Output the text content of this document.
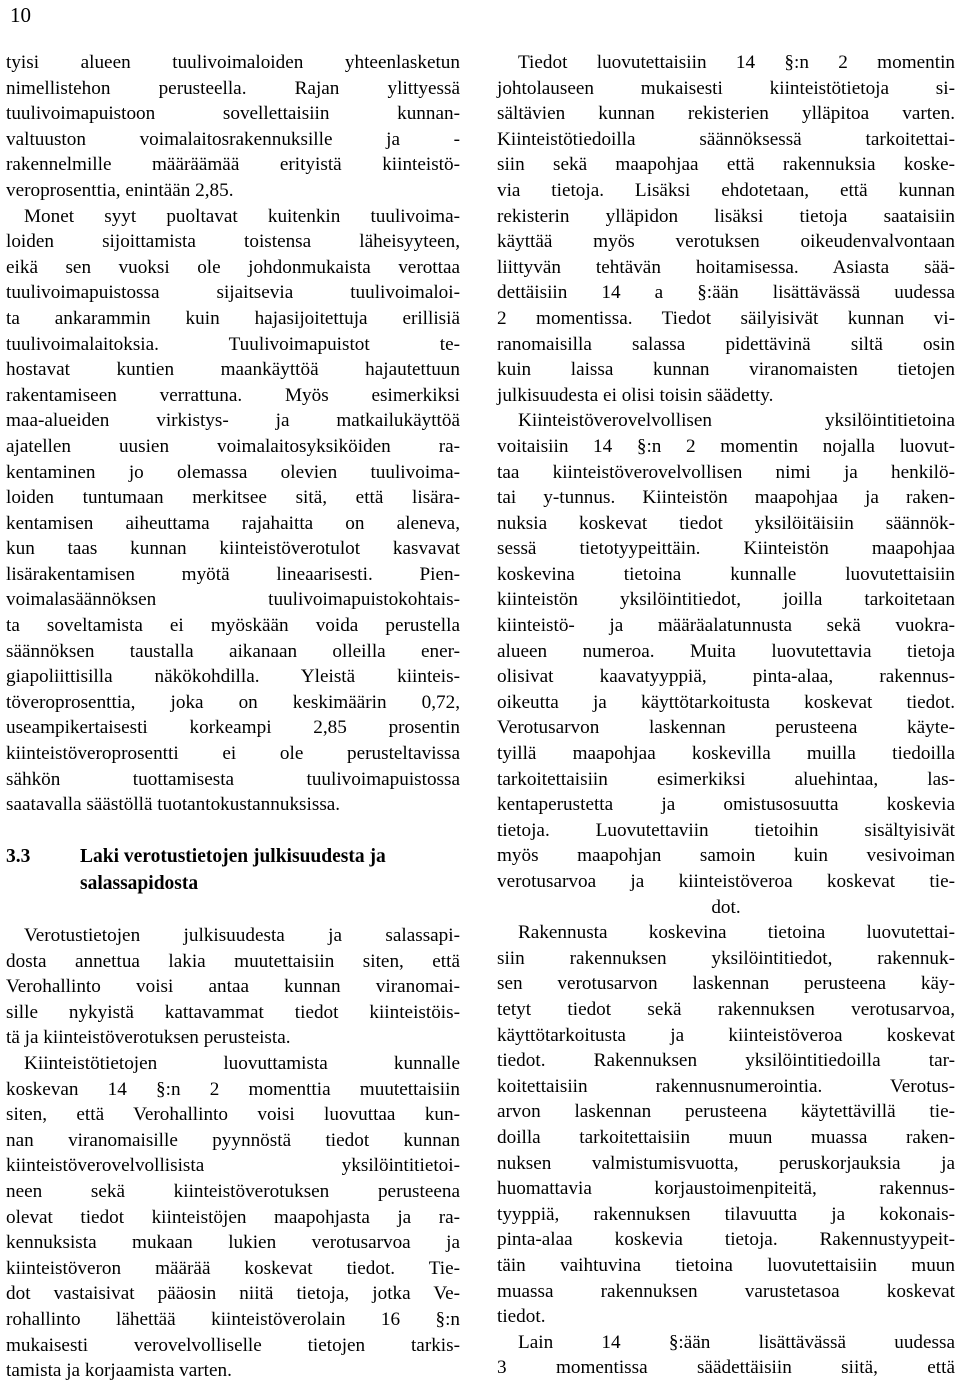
10
tyisi alueen tuulivoimaloiden yhteenlasketun
nimellistehon perusteella. Rajan ylittyessä
tuulivoimapuistoon sovellettaisiin kunnan-
valtuuston voimalaitosrakennuksille ja -
rakennelmille määräämää erityistä kiinteistö-
veroprosenttia, enintään 2,85.
Monet syyt puoltavat kuitenkin tuulivoima-
loiden sijoittamista toistensa läheisyyteen,
eikä sen vuoksi ole johdonmukaista verottaa
tuulivoimapuistossa sijaitsevia tuulivoimaloi-
ta ankarammin kuin hajasijoitettuja erillisiä
tuulivoimalaitoksia. Tuulivoimapuistot te-
hostavat kuntien maankäyttöä hajautettuun
rakentamiseen verrattuna. Myös esimerkiksi
maa-alueiden virkistys- ja matkailukäyttöä
ajatellen uusien voimalaitosyksiköiden ra-
kentaminen jo olemassa olevien tuulivoima-
loiden tuntumaan merkitsee sitä, että lisära-
kentamisen aiheuttama rajahaitta on aleneva,
kun taas kunnan kiinteistöverotulot kasvavat
lisärakentamisen myötä lineaarisesti. Pien-
voimalasäännöksen tuulivoimapuistokohtais-
ta soveltamista ei myöskään voida perustella
säännöksen taustalla aikanaan olleilla ener-
giapoliittisilla näkökohdilla. Yleistä kiinteis-
töveroprosenttia, joka on keskimäärin 0,72,
useampikertaisesti korkeampi 2,85 prosentin
kiinteistöveroprosentti ei ole perusteltavissa
sähkön tuottamisesta tuulivoimapuistossa
saatavalla säästöllä tuotantokustannuksissa.
3.3	Laki verotustietojen julkisuudesta ja
salassapidosta
Verotustietojen julkisuudesta ja salassapi-
dosta annettua lakia muutettaisiin siten, että
Verohallinto voisi antaa kunnan viranomai-
sille nykyistä kattavammat tiedot kiinteistöis-
tä ja kiinteistöverotuksen perusteista.
Kiinteistötietojen luovuttamista kunnalle
koskevan 14 §:n 2 momenttia muutettaisiin
siten, että Verohallinto voisi luovuttaa kun-
nan viranomaisille pyynnöstä tiedot kunnan
kiinteistöverovelvollisista yksilöintitietoi-
neen sekä kiinteistöverotuksen perusteena
olevat tiedot kiinteistöjen maapohjasta ja ra-
kennuksista mukaan lukien verotusarvoa ja
kiinteistöveron määrää koskevat tiedot. Tie-
dot vastaisivat pääosin niitä tietoja, jotka Ve-
rohallinto lähettää kiinteistöverolain 16 §:n
mukaisesti verovelvolliselle tietojen tarkis-
tamista ja korjaamista varten.
Tiedot luovutettaisiin 14 §:n 2 momentin
johtolauseen mukaisesti kiinteistötietoja si-
sältävien kunnan rekisterien ylläpitoa varten.
Kiinteistötiedoilla säännöksessä tarkoitettai-
siin sekä maapohjaa että rakennuksia koske-
via tietoja. Lisäksi ehdotetaan, että kunnan
rekisterin ylläpidon lisäksi tietoja saataisiin
käyttää myös verotuksen oikeudenvalvontaan
liittyvän tehtävän hoitamisessa. Asiasta sää-
dettäisiin 14 a §:ään lisättävässä uudessa
2 momentissa. Tiedot säilyisivät kunnan vi-
ranomaisilla salassa pidettävinä siltä osin
kuin laissa kunnan viranomaisten tietojen
julkisuudesta ei olisi toisin säädetty.
Kiinteistöverovelvollisen yksilöintitietoina
voitaisiin 14 §:n 2 momentin nojalla luovut-
taa kiinteistöverovelvollisen nimi ja henkilö-
tai y-tunnus. Kiinteistön maapohjaa ja raken-
nuksia koskevat tiedot yksilöitäisiin säännök-
sessä tietotyypeittäin. Kiinteistön maapohjaa
koskevina tietoina kunnalle luovutettaisiin
kiinteistön yksilöintitiedot, joilla tarkoitetaan
kiinteistö- ja määräalatunnusta sekä vuokra-
alueen numeroa. Muita luovutettavia tietoja
olisivat kaavatyyppiä, pinta-alaa, rakennus-
oikeutta ja käyttötarkoitusta koskevat tiedot.
Verotusarvon laskennan perusteena käyte-
tyillä maapohjaa koskevilla muilla tiedoilla
tarkoitettaisiin esimerkiksi aluehintaa, las-
kentaperustetta ja omistusosuutta koskevia
tietoja. Luovutettaviin tietoihin sisältyisivät
myös maapohjan samoin kuin vesivoiman
verotusarvoa ja kiinteistöveroa koskevat tie-
dot.
Rakennusta koskevina tietoina luovutettai-
siin rakennuksen yksilöintitiedot, rakennuk-
sen verotusarvon laskennan perusteena käy-
tetyt tiedot sekä rakennuksen verotusarvoa,
käyttötarkoitusta ja kiinteistöveroa koskevat
tiedot. Rakennuksen yksilöintitiedoilla tar-
koitettaisiin rakennusnumerointia. Verotus-
arvon laskennan perusteena käytettävillä tie-
doilla tarkoitettaisiin muun muassa raken-
nuksen valmistumisvuotta, peruskorjauksia ja
huomattavia korjaustoimenpiteitä, rakennus-
tyyppiä, rakennuksen tilavuutta ja kokonais-
pinta-alaa koskevia tietoja. Rakennustyypeit-
täin vaihtuvina tietoina luovutettaisiin muun
muassa rakennuksen varustetasoa koskevat
tiedot.
Lain 14 §:ään lisättävässä uudessa
3 momentissa säädettäisiin siitä, että
